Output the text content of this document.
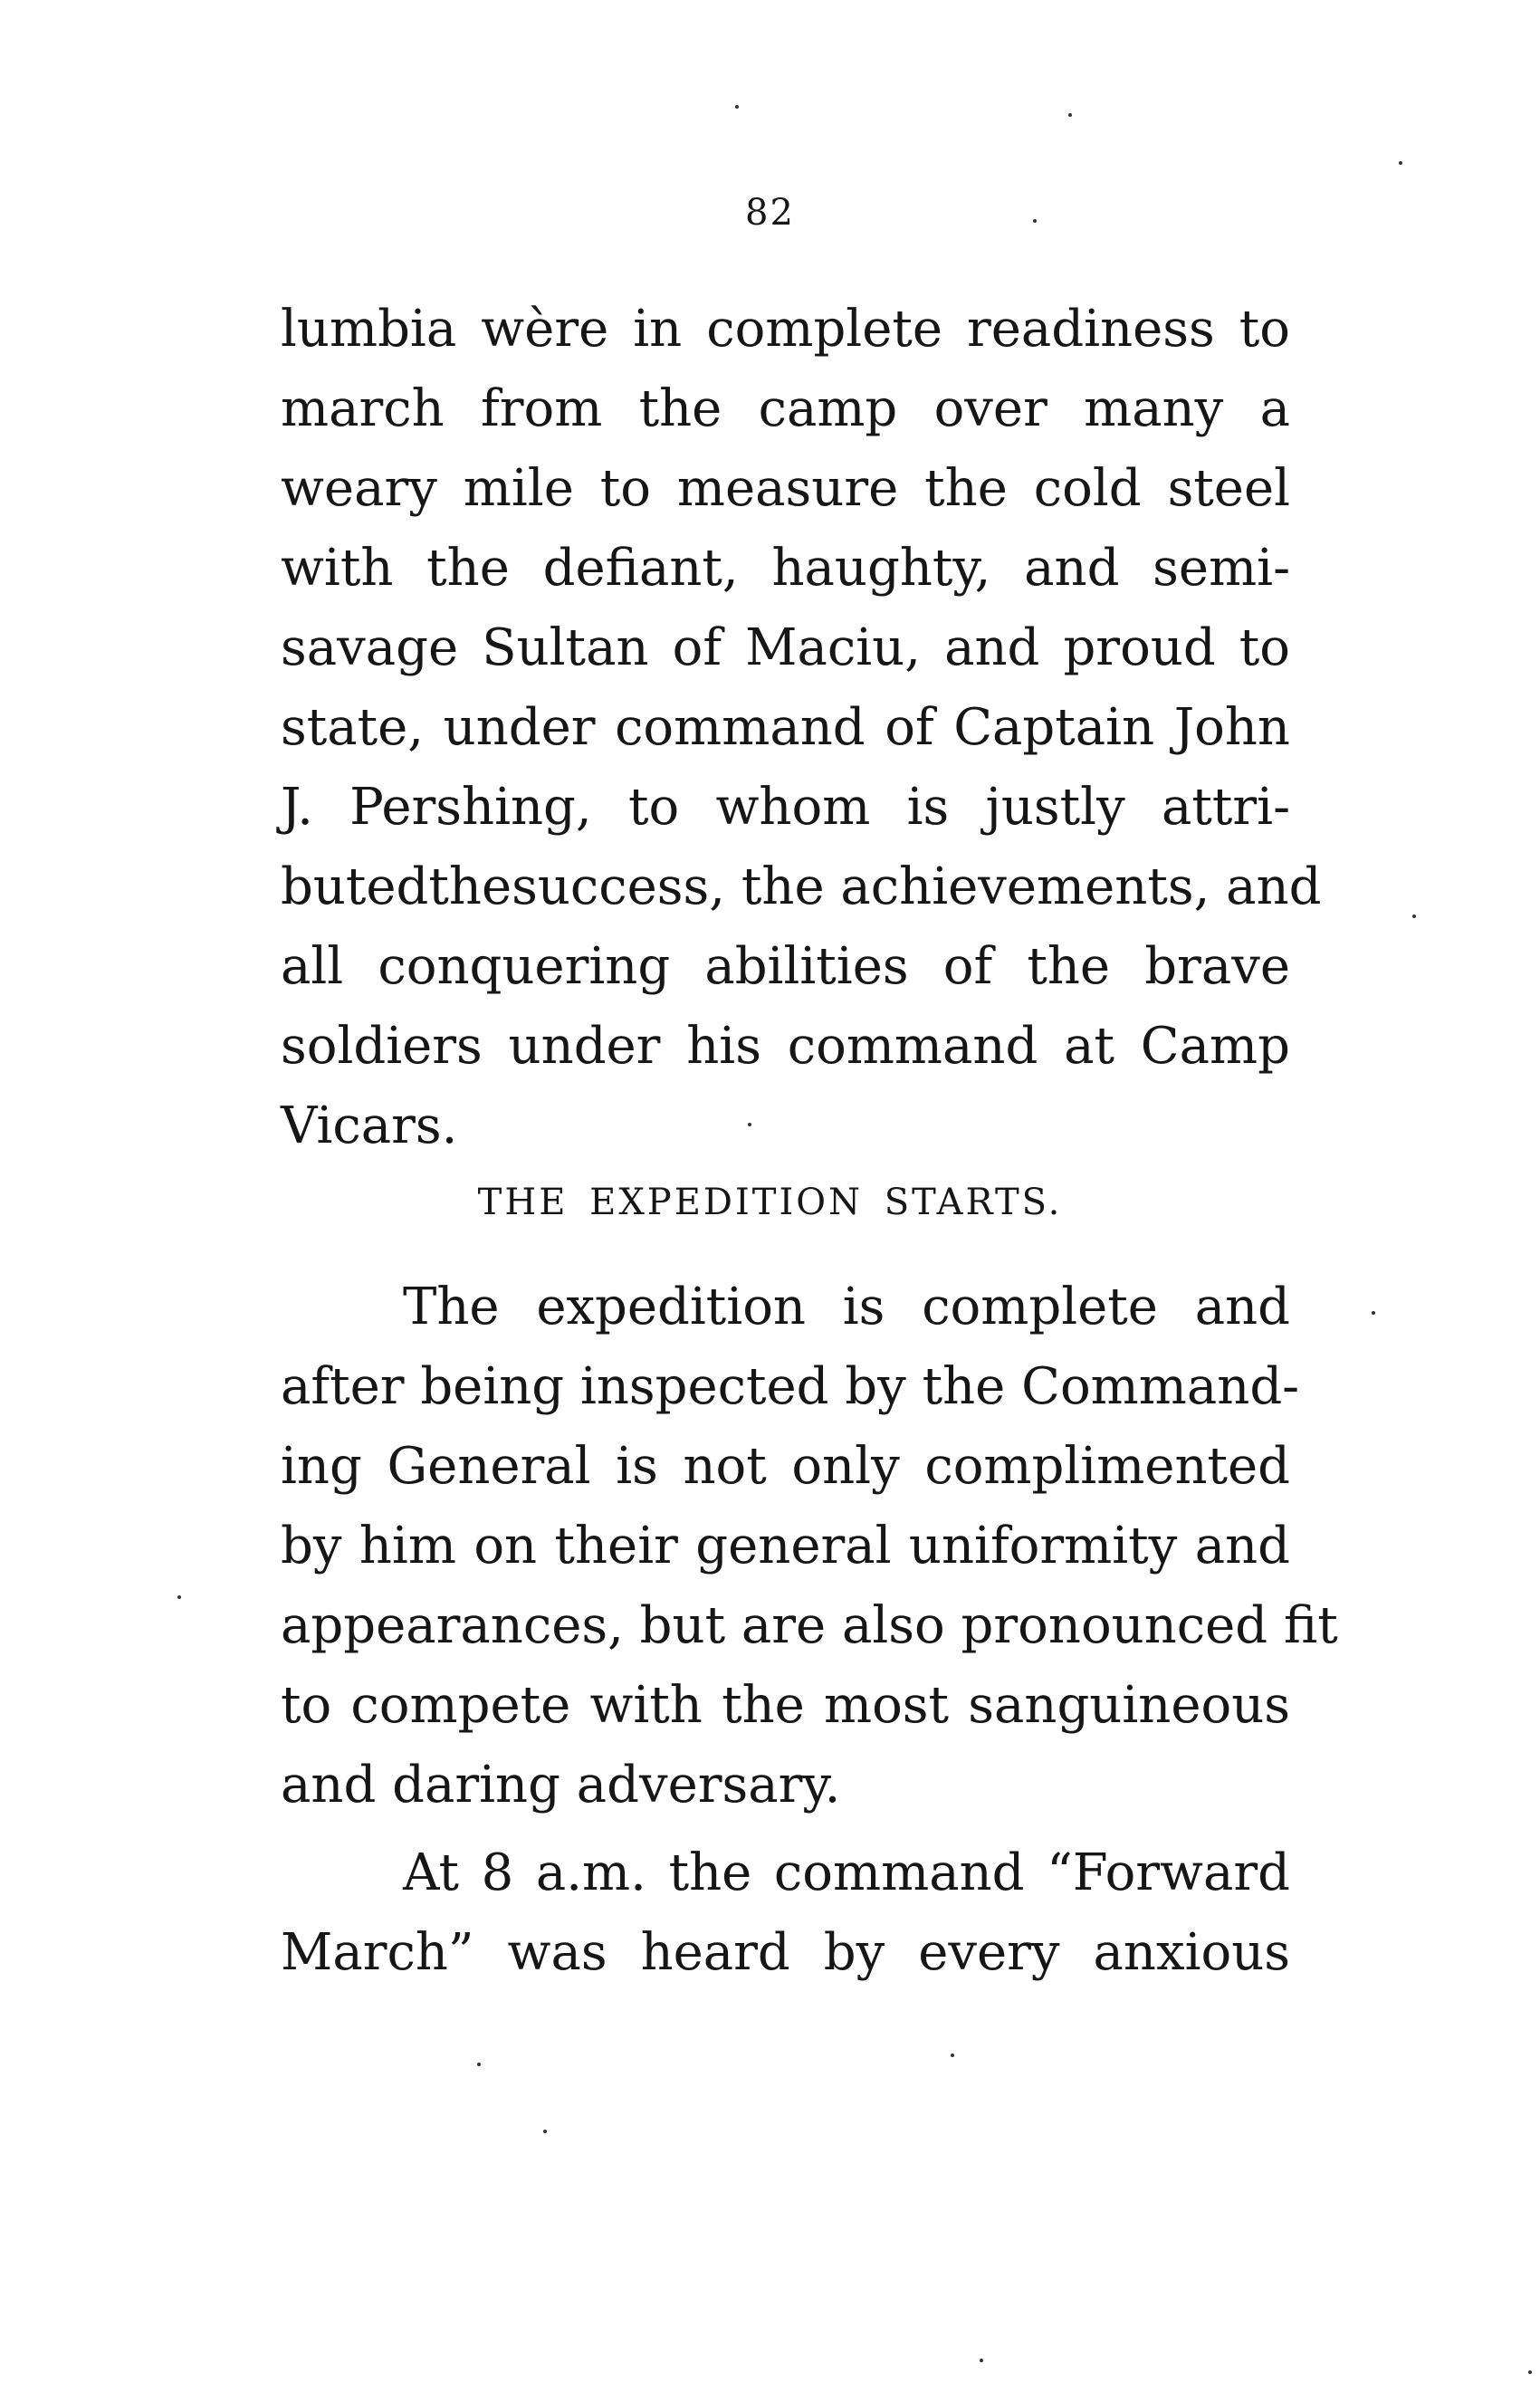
82
lumbia wère in complete readiness to
march from the camp over many a
weary mile to measure the cold steel
with the defiant, haughty, and semi-
savage Sultan of Maciu, and proud to
state, under command of Captain John
J. Pershing, to whom is justly attri-
butedthesuccess, the achievements, and
all conquering abilities of the brave
soldiers under his command at Camp
Vicars.
THE EXPEDITION STARTS.
The expedition is complete and
after being inspected by the Command-
ing General is not only complimented
by him on their general uniformity and
appearances, but are also pronounced fit
to compete with the most sanguineous
and daring adversary.
At 8 a.m. the command “Forward
March” was heard by every anxious
